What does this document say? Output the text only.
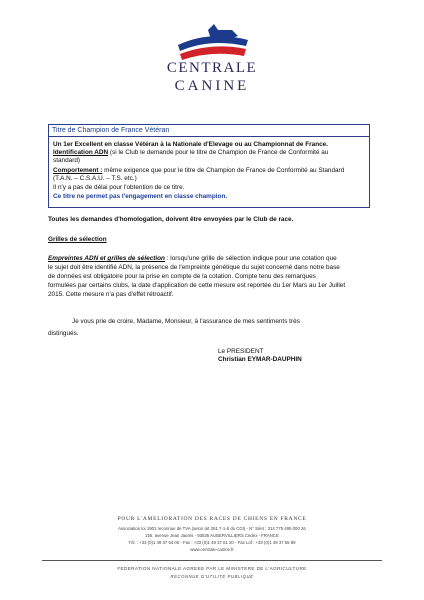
CENTRALE
CANINE
Titre de Champion de France Vétéran
Un 1er Excellent en classe Vétéran à la Nationale d'Elevage ou au Championnat de France.
Identification ADN (si le Club le demande pour le titre de Champion de France de Conformité au
standard)
Comportement : même exigence que pour le titre de Champion de France de Conformité au Standard
(T.A.N. – C.S.A.U. – T.S. etc.)
Il n'y a pas de délai pour l'obtention de ce titre.
Ce titre ne permet pas l'engagement en classe champion.
Toutes les demandes d'homologation, doivent être envoyées par le Club de race.
Grilles de sélection
Empreintes ADN et grilles de sélection : lorsqu'une grille de sélection indique pour une cotation que
le sujet doit être identifié ADN, la présence de l'empreinte génétique du sujet concerné dans notre base
de données est obligatoire pour la prise en compte de la cotation. Compte tenu des remarques
formulées par certains clubs, la date d'application de cette mesure est reportée du 1er Mars au 1er Juillet
2015. Cette mesure n'a pas d'effet rétroactif.
Je vous prie de croire, Madame, Monsieur, à l'assurance de mes sentiments très
distingués.
Le PRESIDENT
Christian EYMAR-DAUPHIN
POUR L'AMELIORATION DES RACES DE CHIENS EN FRANCE
Association loi 1901 reconnue de TVA (selon art.261 7-1-b du CGI) - N° Siret : 314 775 495 000 26
155, avenue Jean Jaurès - 93535 AUBERVILLIERS Cedex - FRANCE
Tél. : +33 (0)1 49 37 54 00 - Fax : +33 (0)1 49 37 01 20 - Fax Lof : +33 (0)1 49 37 55 99
www.centrale-canine.fr
FEDERATION NATIONALE AGREEE PAR LE MINISTERE DE L'AGRICULTURE
RECONNUE D'UTILITE PUBLIQUE
